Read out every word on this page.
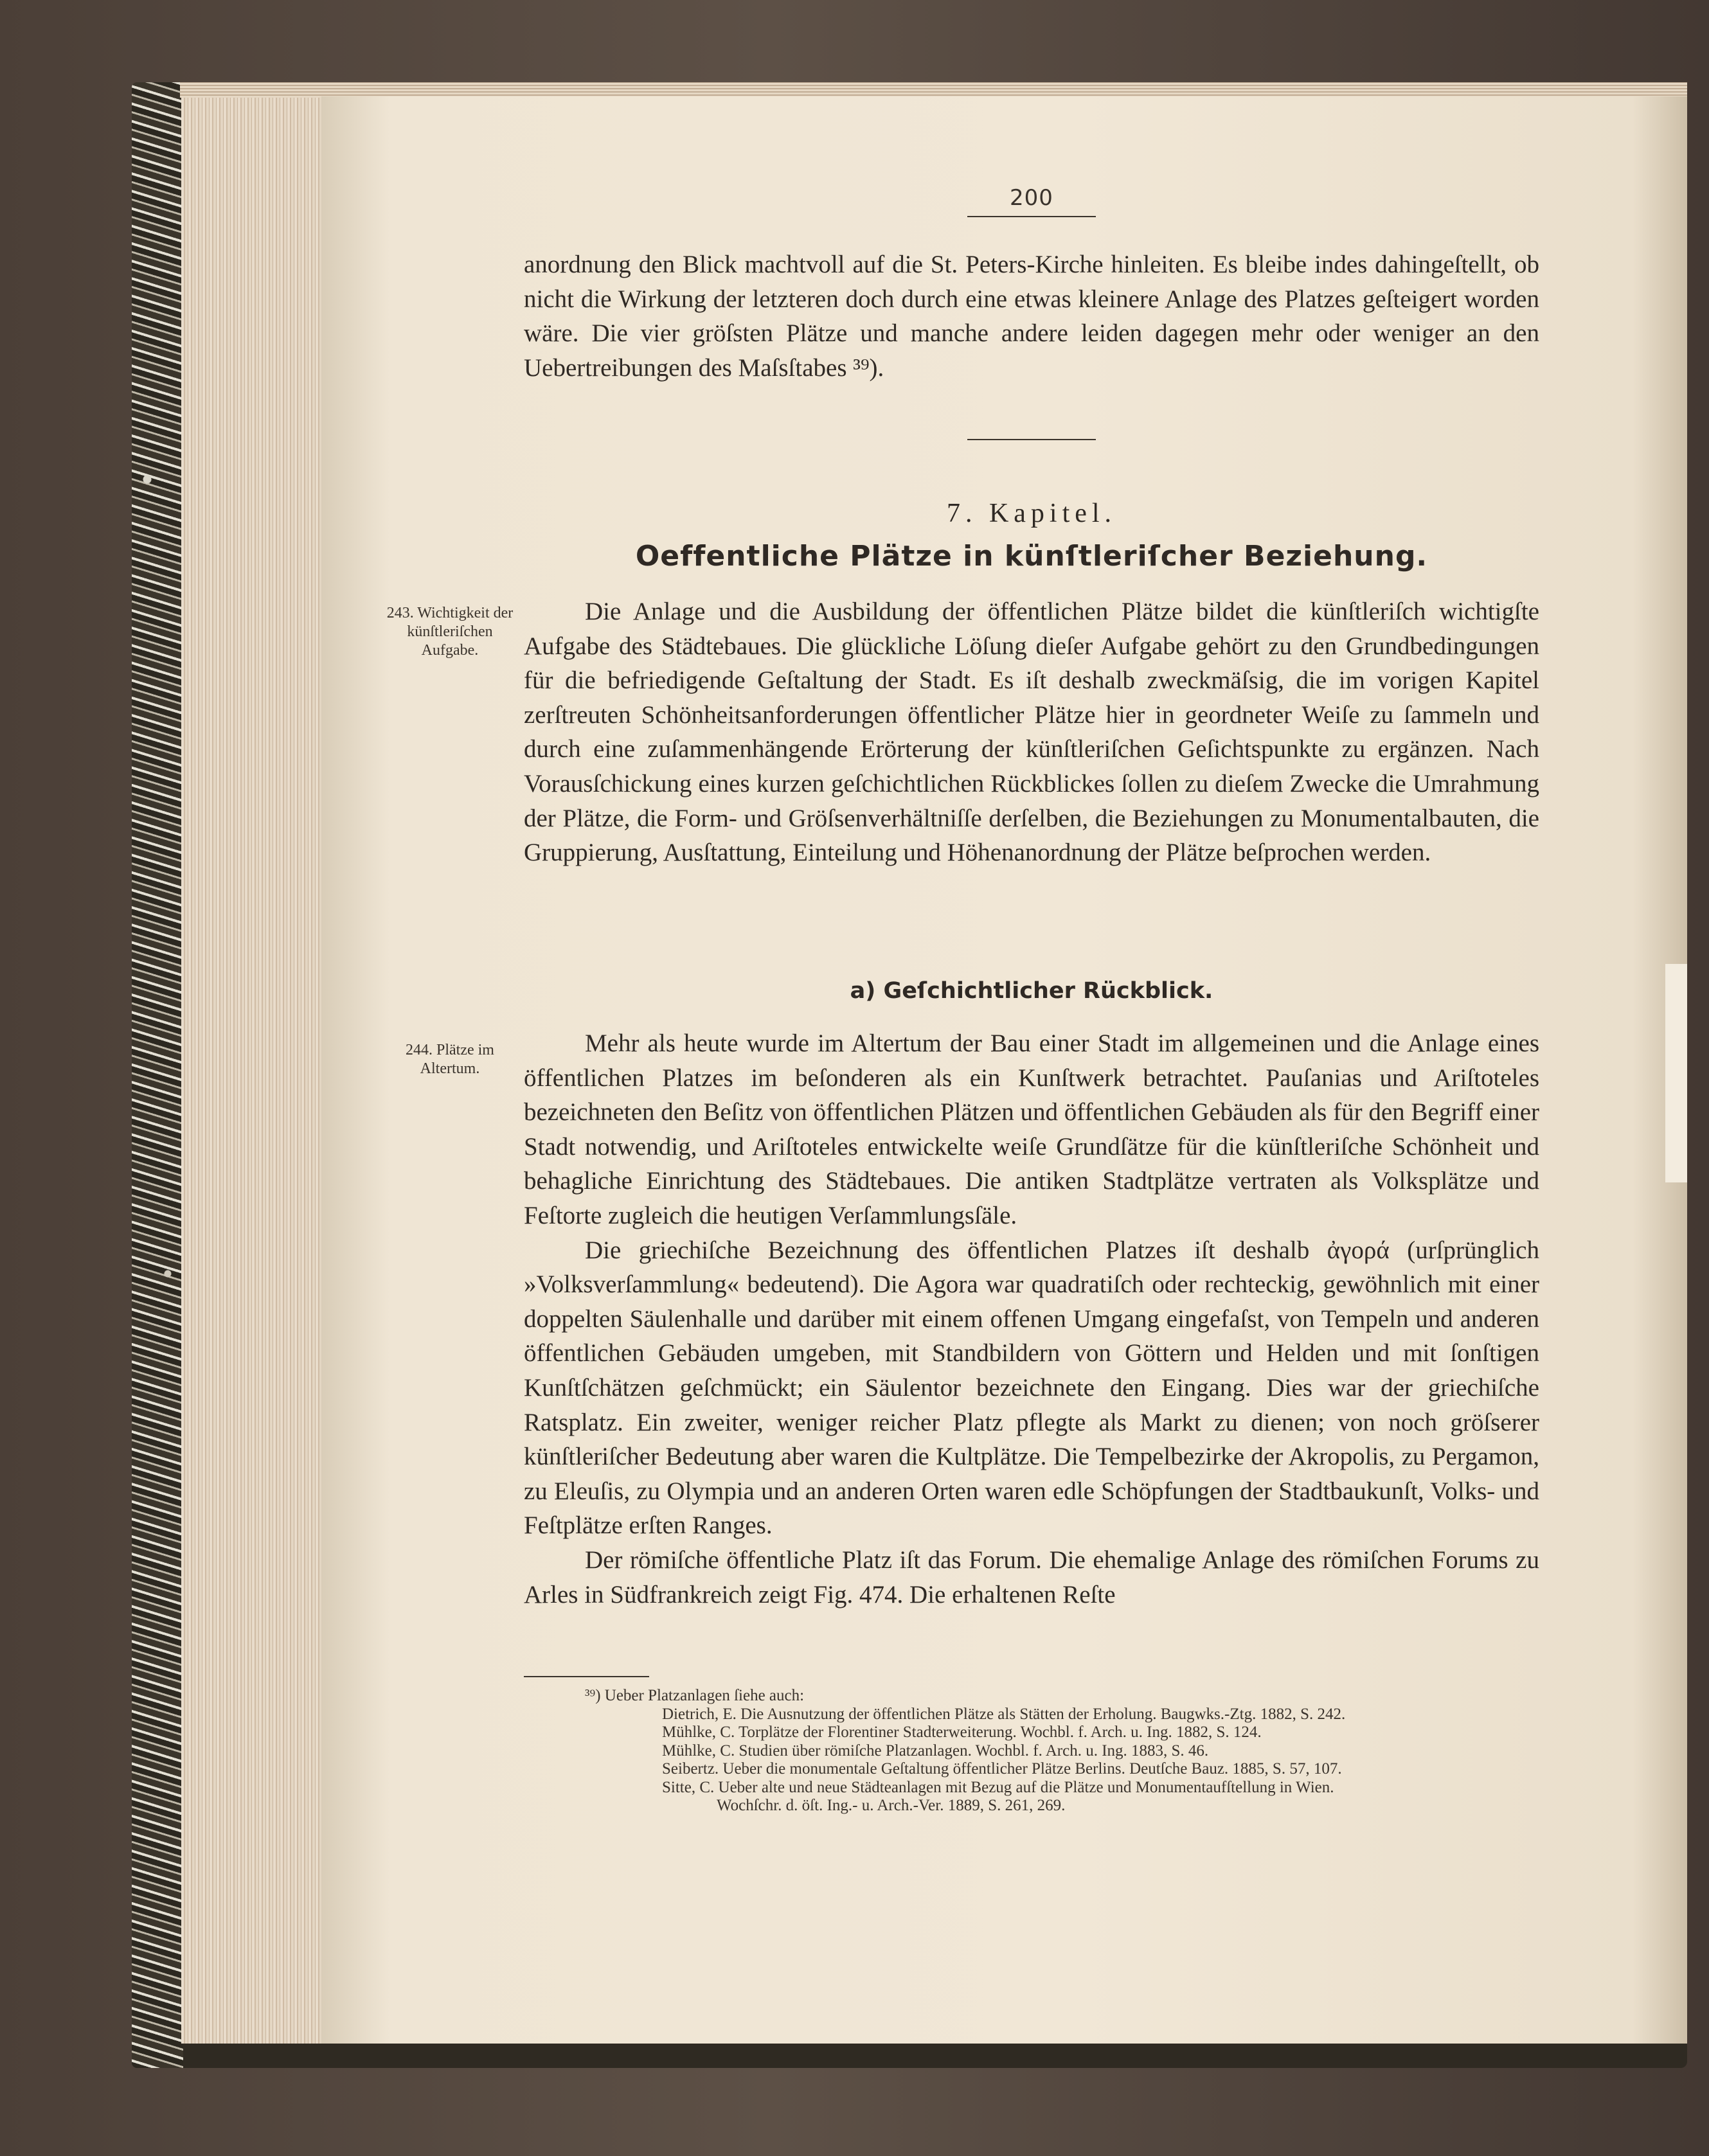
200

anordnung den Blick machtvoll auf die St. Peters-Kirche hinleiten. Es bleibe indes dahingeſtellt, ob nicht die Wirkung der letzteren doch durch eine etwas kleinere Anlage des Platzes geſteigert worden wäre. Die vier gröſsten Plätze und manche andere leiden dagegen mehr oder weniger an den Uebertreibungen des Maſsſtabes ³⁹).

7. Kapitel.
Oeffentliche Plätze in künſtleriſcher Beziehung.
243. Wichtigkeit der künſtleriſchen Aufgabe.

Die Anlage und die Ausbildung der öffentlichen Plätze bildet die künſtleriſch wichtigſte Aufgabe des Städtebaues. Die glückliche Löſung dieſer Aufgabe gehört zu den Grundbedingungen für die befriedigende Geſtaltung der Stadt. Es iſt deshalb zweckmäſsig, die im vorigen Kapitel zerſtreuten Schönheitsanforderungen öffentlicher Plätze hier in geordneter Weiſe zu ſammeln und durch eine zuſammenhängende Erörterung der künſtleriſchen Geſichtspunkte zu ergänzen. Nach Vorausſchickung eines kurzen geſchichtlichen Rückblickes ſollen zu dieſem Zwecke die Umrahmung der Plätze, die Form- und Gröſsenverhältniſſe derſelben, die Beziehungen zu Monumentalbauten, die Gruppierung, Ausſtattung, Einteilung und Höhenanordnung der Plätze beſprochen werden.

a) Geſchichtlicher Rückblick.
244. Plätze im Altertum.

Mehr als heute wurde im Altertum der Bau einer Stadt im allgemeinen und die Anlage eines öffentlichen Platzes im beſonderen als ein Kunſtwerk betrachtet. Pauſanias und Ariſtoteles bezeichneten den Beſitz von öffentlichen Plätzen und öffentlichen Gebäuden als für den Begriff einer Stadt notwendig, und Ariſtoteles entwickelte weiſe Grundſätze für die künſtleriſche Schönheit und behagliche Einrichtung des Städtebaues. Die antiken Stadtplätze vertraten als Volksplätze und Feſtorte zugleich die heutigen Verſammlungsſäle.

Die griechiſche Bezeichnung des öffentlichen Platzes iſt deshalb ἀγορά (urſprünglich »Volksverſammlung« bedeutend). Die Agora war quadratiſch oder rechteckig, gewöhnlich mit einer doppelten Säulenhalle und darüber mit einem offenen Umgang eingefaſst, von Tempeln und anderen öffentlichen Gebäuden umgeben, mit Standbildern von Göttern und Helden und mit ſonſtigen Kunſtſchätzen geſchmückt; ein Säulentor bezeichnete den Eingang. Dies war der griechiſche Ratsplatz. Ein zweiter, weniger reicher Platz pflegte als Markt zu dienen; von noch gröſserer künſtleriſcher Bedeutung aber waren die Kultplätze. Die Tempelbezirke der Akropolis, zu Pergamon, zu Eleuſis, zu Olympia und an anderen Orten waren edle Schöpfungen der Stadtbaukunſt, Volks- und Feſtplätze erſten Ranges.

Der römiſche öffentliche Platz iſt das Forum. Die ehemalige Anlage des römiſchen Forums zu Arles in Südfrankreich zeigt Fig. 474. Die erhaltenen Reſte

³⁹) Ueber Platzanlagen ſiehe auch:

Dietrich, E. Die Ausnutzung der öffentlichen Plätze als Stätten der Erholung. Baugwks.-Ztg. 1882, S. 242.

Mühlke, C. Torplätze der Florentiner Stadterweiterung. Wochbl. f. Arch. u. Ing. 1882, S. 124.

Mühlke, C. Studien über römiſche Platzanlagen. Wochbl. f. Arch. u. Ing. 1883, S. 46.

Seibertz. Ueber die monumentale Geſtaltung öffentlicher Plätze Berlins. Deutſche Bauz. 1885, S. 57, 107.

Sitte, C. Ueber alte und neue Städteanlagen mit Bezug auf die Plätze und Monumentaufſtellung in Wien.

Wochſchr. d. öſt. Ing.- u. Arch.-Ver. 1889, S. 261, 269.
